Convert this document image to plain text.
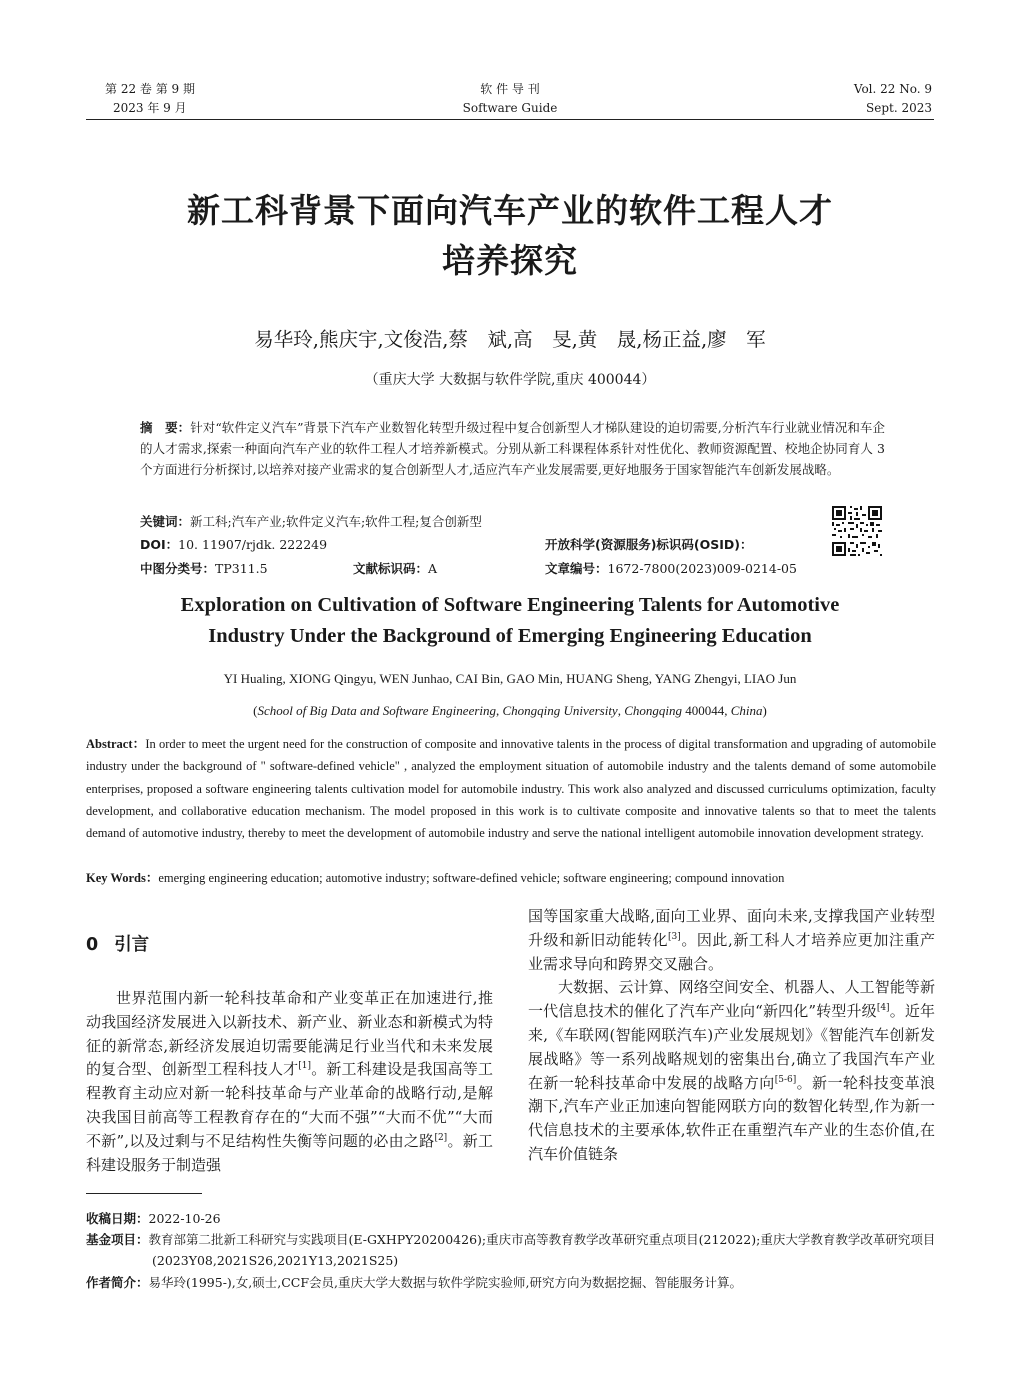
第 22 卷 第 9 期
2023 年 9 月
软 件 导 刊
Software Guide
Vol. 22 No. 9
Sept. 2023
新工科背景下面向汽车产业的软件工程人才
培养探究
易华玲,熊庆宇,文俊浩,蔡　斌,高　旻,黄　晟,杨正益,廖　军
（重庆大学 大数据与软件学院,重庆 400044）

摘　要：针对“软件定义汽车”背景下汽车产业数智化转型升级过程中复合创新型人才梯队建设的迫切需要,分析汽车行业就业情况和车企的人才需求,探索一种面向汽车产业的软件工程人才培养新模式。分别从新工科课程体系针对性优化、教师资源配置、校地企协同育人 3 个方面进行分析探讨,以培养对接产业需求的复合创新型人才,适应汽车产业发展需要,更好地服务于国家智能汽车创新发展战略。

关键词：新工科;汽车产业;软件定义汽车;软件工程;复合创新型

DOI：10. 11907/rjdk. 222249	开放科学(资源服务)标识码(OSID)：

中图分类号：TP311.5	文献标识码：A	文章编号：1672-7800(2023)009-0214-05

Exploration on Cultivation of Software Engineering Talents for Automotive
Industry Under the Background of Emerging Engineering Education
YI Hualing, XIONG Qingyu, WEN Junhao, CAI Bin, GAO Min, HUANG Sheng, YANG Zhengyi, LIAO Jun
(School of Big Data and Software Engineering, Chongqing University, Chongqing 400044, China)

Abstract：In order to meet the urgent need for the construction of composite and innovative talents in the process of digital transformation and upgrading of automobile industry under the background of " software-defined vehicle" , analyzed the employment situation of automobile industry and the talents demand of some automobile enterprises, proposed a software engineering talents cultivation model for automobile industry. This work also analyzed and discussed curriculums optimization, faculty development, and collaborative education mechanism. The model proposed in this work is to cultivate composite and innovative talents so that to meet the talents demand of automotive industry, thereby to meet the development of automobile industry and serve the national intelligent automobile innovation development strategy.

Key Words：emerging engineering education; automotive industry; software-defined vehicle; software engineering; compound innovation

0 引言

世界范围内新一轮科技革命和产业变革正在加速进行,推动我国经济发展进入以新技术、新产业、新业态和新模式为特征的新常态,新经济发展迫切需要能满足行业当代和未来发展的复合型、创新型工程科技人才[1]。新工科建设是我国高等工程教育主动应对新一轮科技革命与产业革命的战略行动,是解决我国目前高等工程教育存在的“大而不强”“大而不优”“大而不新”,以及过剩与不足结构性失衡等问题的必由之路[2]。新工科建设服务于制造强

国等国家重大战略,面向工业界、面向未来,支撑我国产业转型升级和新旧动能转化[3]。因此,新工科人才培养应更加注重产业需求导向和跨界交叉融合。

大数据、云计算、网络空间安全、机器人、人工智能等新一代信息技术的催化了汽车产业向“新四化”转型升级[4]。近年来,《车联网(智能网联汽车)产业发展规划》《智能汽车创新发展战略》等一系列战略规划的密集出台,确立了我国汽车产业在新一轮科技革命中发展的战略方向[5-6]。新一轮科技变革浪潮下,汽车产业正加速向智能网联方向的数智化转型,作为新一代信息技术的主要承体,软件正在重塑汽车产业的生态价值,在汽车价值链条

收稿日期：2022-10-26

基金项目：教育部第二批新工科研究与实践项目(E-GXHPY20200426);重庆市高等教育教学改革研究重点项目(212022);重庆大学教育教学改革研究项目(2023Y08,2021S26,2021Y13,2021S25)

作者简介：易华玲(1995-),女,硕士,CCF会员,重庆大学大数据与软件学院实验师,研究方向为数据挖掘、智能服务计算。
